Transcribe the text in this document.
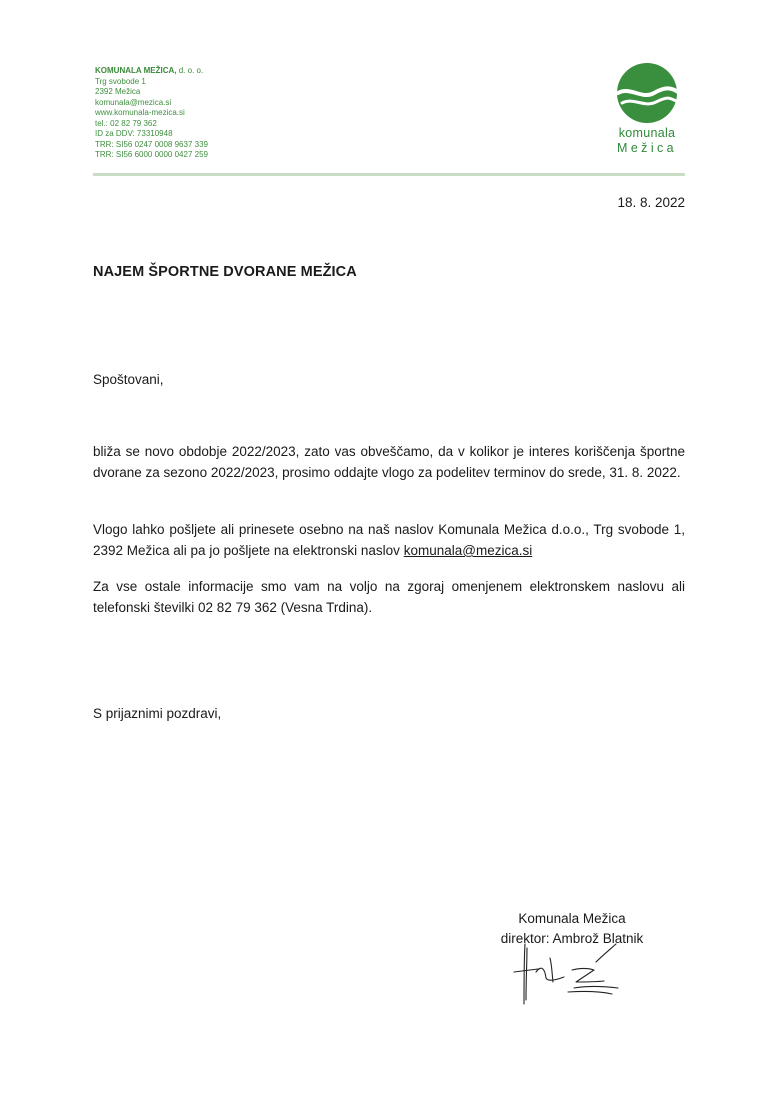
KOMUNALA MEŽICA, d. o. o.
Trg svobode 1
2392 Mežica
komunala@mezica.si
www.komunala-mezica.si
tel.: 02 82 79 362
ID za DDV: 73310948
TRR: SI56 0247 0008 9637 339
TRR: SI56 6000 0000 0427 259
komunala
Mežica
18. 8. 2022
NAJEM ŠPORTNE DVORANE MEŽICA
Spoštovani,
bliža se novo obdobje 2022/2023, zato vas obveščamo, da v kolikor je interes koriščenja športne dvorane za sezono 2022/2023, prosimo oddajte vlogo za podelitev terminov do srede, 31. 8. 2022.
Vlogo lahko pošljete ali prinesete osebno na naš naslov Komunala Mežica d.o.o., Trg svobode 1, 2392 Mežica ali pa jo pošljete na elektronski naslov komunala@mezica.si
Za vse ostale informacije smo vam na voljo na zgoraj omenjenem elektronskem naslovu ali telefonski številki 02 82 79 362 (Vesna Trdina).
S prijaznimi pozdravi,
Komunala Mežica
direktor: Ambrož Blatnik
